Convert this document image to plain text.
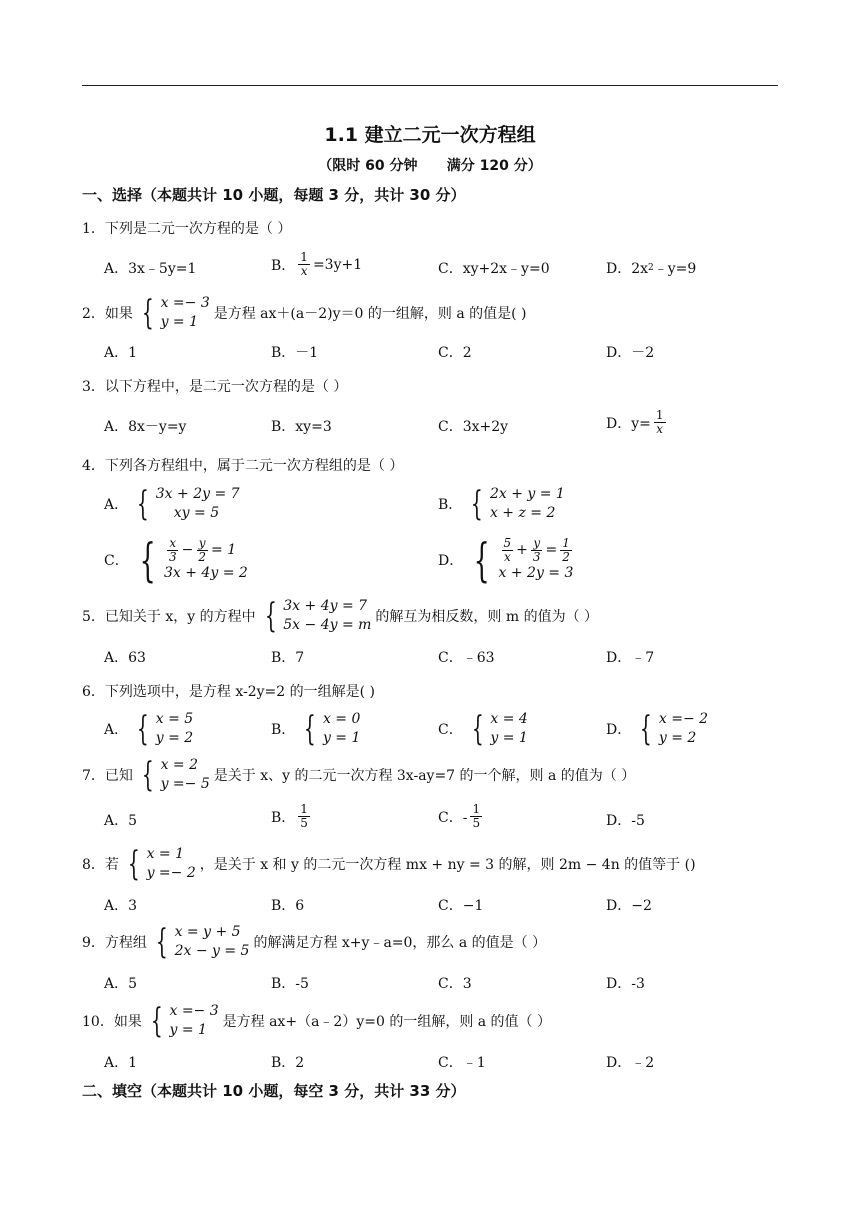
1.1 建立二元一次方程组
（限时 60 分钟      满分 120 分）
一、选择（本题共计 10 小题，每题 3 分，共计 30 分）
1．下列是二元一次方程的是（ ）
A．3x﹣5y=1	B． $\frac{1}{x} =3y+1$	C．xy+2x﹣y=0	D．2x 2 ﹣y=9
2．如果 { x =− 3
y = 1	是方程 ax＋(a－2)y＝0 的一组解，则 a 的值是( )
A．1	B．－1	C．2	D．－2
3．以下方程中，是二元一次方程的是（ ）
A．8x－y=y	B．xy=3	C．3x+2y	D．$y= \frac{1}{x}$
4．下列各方程组中，属于二元一次方程组的是（ ）
A． { 3x + 2y = 7
xy = 5	B． { 2x + y = 1
x + z = 2
C． { $\frac{x}{3} - \frac{y}{2} = 1$
3x + 4y = 2
D． { $\frac{5}{x} + \frac{y}{3} = \frac{1}{2}$
x + 2y = 3
5．已知关于 x，y 的方程中 { 3x + 4y = 7
5x − 4y = m 的解互为相反数，则 m 的值为（ ）
A．63	B．7	C．﹣63	D．﹣7
6．下列选项中，是方程 x-2y=2 的一组解是( )
A． { x = 5
y = 2	B． { x = 0
y = 1	C． { x = 4
y = 1	D． { x =− 2
y = 2
7．已知 { x = 2
y =− 5 是关于 x、y 的二元一次方程 3x-ay=7 的一个解，则 a 的值为（ ）
A．5	B． $\frac{1}{5}$	C．- $\frac{1}{5}$	D．-5
8．若 { x = 1
y =− 2 ，是关于 x 和 y 的二元一次方程 mx + ny = 3 的解，则 2m − 4n 的值等于 ()
A．3	B．6	C．−1	D．−2
9．方程组 { x = y + 5
2x − y = 5 的解满足方程 x+y﹣a=0，那么 a 的值是（ ）
A．5	B．-5	C．3	D．-3
10．如果 { x =− 3
y = 1	是方程 ax+（a﹣2）y=0 的一组解，则 a 的值（ ）
A．1	B．2	C．﹣1	D．﹣2
二、填空（本题共计 10 小题，每空 3 分，共计 33 分）
